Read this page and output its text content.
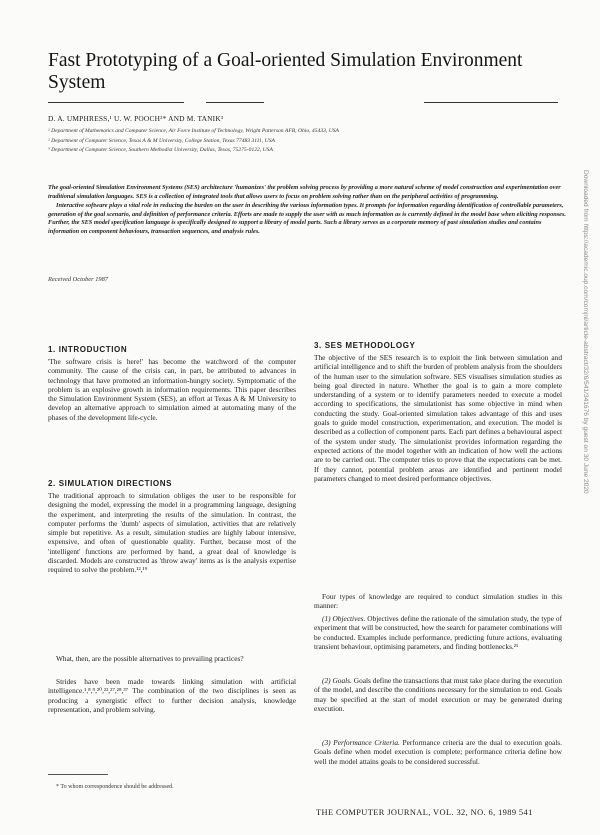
Fast Prototyping of a Goal-oriented Simulation Environment System
D. A. UMPHRESS,¹ U. W. POOCH²* AND M. TANIK³
¹ Department of Mathematics and Computer Science, Air Force Institute of Technology, Wright Patterson AFB, Ohio, 45433, USA
² Department of Computer Science, Texas A & M University, College Station, Texas 77483 3111, USA
³ Department of Computer Science, Southern Methodist University, Dallas, Texas, 75275-0122, USA

The goal-oriented Simulation Environment Systems (SES) architecture 'humanizes' the problem solving process by providing a more natural scheme of model construction and experimentation over traditional simulation languages. SES is a collection of integrated tools that allows users to focus on problem solving rather than on the peripheral activities of programming.

Interactive software plays a vital role in reducing the burden on the user in describing the various information types. It prompts for information regarding identification of controllable parameters, generation of the goal scenario, and definition of performance criteria. Efforts are made to supply the user with as much information as is currently defined in the model base when eliciting responses. Further, the SES model specification language is specifically designed to support a library of model parts. Such a library serves as a corporate memory of past simulation studies and contains information on component behaviours, transaction sequences, and analysis rules.

Received October 1987
1. INTRODUCTION

'The software crisis is here!' has become the watchword of the computer community. The cause of the crisis can, in part, be attributed to advances in technology that have promoted an information-hungry society. Symptomatic of the problem is an explosive growth in information requirements. This paper describes the Simulation Environment System (SES), an effort at Texas A & M University to develop an alternative approach to simulation aimed at automating many of the phases of the development life-cycle.

2. SIMULATION DIRECTIONS

The traditional approach to simulation obliges the user to be responsible for designing the model, expressing the model in a programming language, designing the experiment, and interpreting the results of the simulation. In contrast, the computer performs the 'dumb' aspects of simulation, activities that are relatively simple but repetitive. As a result, simulation studies are highly labour intensive, expensive, and often of questionable quality. Further, because most of the 'intelligent' functions are performed by hand, a great deal of knowledge is discarded. Models are constructed as 'throw away' items as is the analysis expertise required to solve the problem.¹²,¹⁹

What, then, are the possible alternatives to prevailing practices?

Strides have been made towards linking simulation with artificial intelligence.¹,⁸,⁹,²⁰,²²,²⁷,²⁸,³⁷ The combination of the two disciplines is seen as producing a synergistic effect to further decision analysis, knowledge representation, and problem solving.

3. SES METHODOLOGY

The objective of the SES research is to exploit the link between simulation and artificial intelligence and to shift the burden of problem analysis from the shoulders of the human user to the simulation software. SES visualises simulation studies as being goal directed in nature. Whether the goal is to gain a more complete understanding of a system or to identify parameters needed to execute a model according to specifications, the simulationist has some objective in mind when conducting the study. Goal-oriented simulation takes advantage of this and uses goals to guide model construction, experimentation, and execution. The model is described as a collection of component parts. Each part defines a behavioural aspect of the system under study. The simulationist provides information regarding the expected actions of the model together with an indication of how well the actions are to be carried out. The computer tries to prove that the expectations can be met. If they cannot, potential problem areas are identified and pertinent model parameters changed to meet desired performance objectives.

Four types of knowledge are required to conduct simulation studies in this manner:

(1) Objectives. Objectives define the rationale of the simulation study, the type of experiment that will be constructed, how the search for parameter combinations will be conducted. Examples include performance, predicting future actions, evaluating transient behaviour, optimising parameters, and finding bottlenecks.²¹

(2) Goals. Goals define the transactions that must take place during the execution of the model, and describe the conditions necessary for the simulation to end. Goals may be specified at the start of model execution or may be generated during execution.

(3) Performance Criteria. Performance criteria are the dual to execution goals. Goals define when model execution is complete; performance criteria define how well the model attains goals to be considered successful.

* To whom correspondence should be addressed.
THE COMPUTER JOURNAL, VOL. 32, NO. 6, 1989 541
Downloaded from https://academic.oup.com/comjnl/article-abstract/32/6/541/341676 by guest on 30 June 2020
